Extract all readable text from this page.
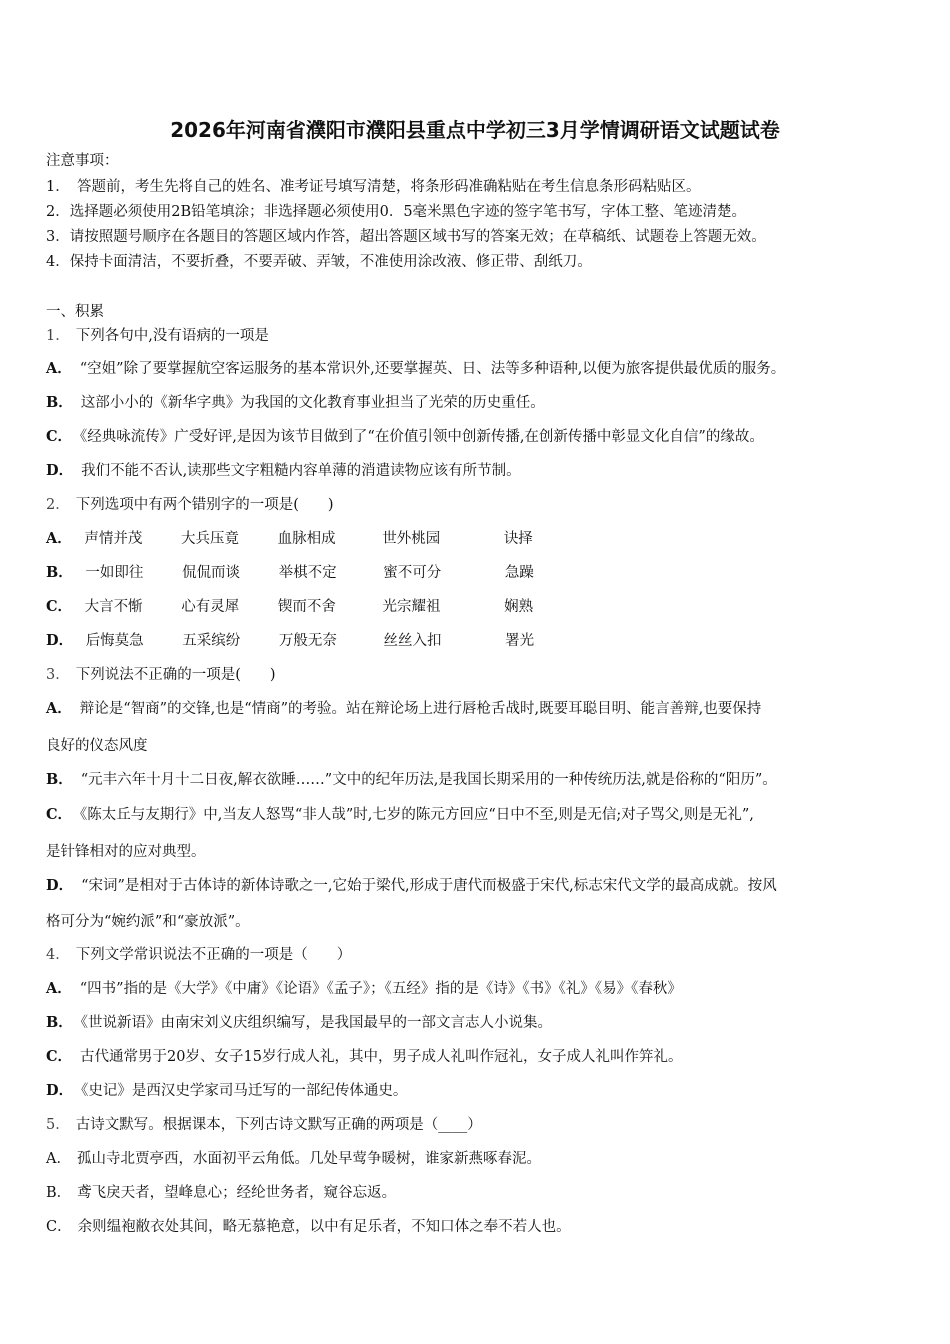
2026年河南省濮阳市濮阳县重点中学初三3月学情调研语文试题试卷
注意事项：
1．　答题前，考生先将自己的姓名、准考证号填写清楚，将条形码准确粘贴在考生信息条形码粘贴区。
2．选择题必须使用2B铅笔填涂；非选择题必须使用0．5毫米黑色字迹的签字笔书写，字体工整、笔迹清楚。
3．请按照题号顺序在各题目的答题区域内作答，超出答题区域书写的答案无效；在草稿纸、试题卷上答题无效。
4．保持卡面清洁，不要折叠，不要弄破、弄皱，不准使用涂改液、修正带、刮纸刀。
一、积累
1． 下列各句中,没有语病的一项是
A． “空姐”除了要掌握航空客运服务的基本常识外,还要掌握英、日、法等多种语种,以便为旅客提供最优质的服务。
B． 这部小小的《新华字典》为我国的文化教育事业担当了光荣的历史重任。
C． 《经典咏流传》广受好评,是因为该节目做到了“在价值引领中创新传播,在创新传播中彰显文化自信”的缘故。
D． 我们不能不否认,读那些文字粗糙内容单薄的消遣读物应该有所节制。
2． 下列选项中有两个错别字的一项是(　　)
A． 声情并茂	大兵压竟	血脉相成	世外桃园	诀择
B． 一如即往	侃侃而谈	举棋不定	蜜不可分	急躁
C． 大言不惭	心有灵犀	锲而不舍	光宗耀祖	娴熟
D． 后悔莫急	五采缤纷	万般无奈	丝丝入扣	署光
3． 下列说法不正确的一项是(　　)
A． 辩论是“智商”的交锋,也是“情商”的考验。站在辩论场上进行唇枪舌战时,既要耳聪目明、能言善辩,也要保持
良好的仪态风度
B． “元丰六年十月十二日夜,解衣欲睡……”文中的纪年历法,是我国长期采用的一种传统历法,就是俗称的“阳历”。
C． 《陈太丘与友期行》中,当友人怒骂“非人哉”时,七岁的陈元方回应“日中不至,则是无信;对子骂父,则是无礼”,
是针锋相对的应对典型。
D． “宋词”是相对于古体诗的新体诗歌之一,它始于梁代,形成于唐代而极盛于宋代,标志宋代文学的最高成就。按风
格可分为“婉约派”和“豪放派”。
4． 下列文学常识说法不正确的一项是（　　）
A． “四书”指的是《大学》《中庸》《论语》《孟子》；《五经》指的是《诗》《书》《礼》《易》《春秋》
B． 《世说新语》由南宋刘义庆组织编写，是我国最早的一部文言志人小说集。
C． 古代通常男于20岁、女子15岁行成人礼，其中，男子成人礼叫作冠礼，女子成人礼叫作笄礼。
D． 《史记》是西汉史学家司马迁写的一部纪传体通史。
5． 古诗文默写。根据课本，下列古诗文默写正确的两项是（____）
A． 孤山寺北贾亭西，水面初平云角低。几处早莺争暖树，谁家新燕啄春泥。
B． 鸢飞戾天者，望峰息心；经纶世务者，窥谷忘返。
C． 余则缊袍敝衣处其间，略无慕艳意，以中有足乐者，不知口体之奉不若人也。
